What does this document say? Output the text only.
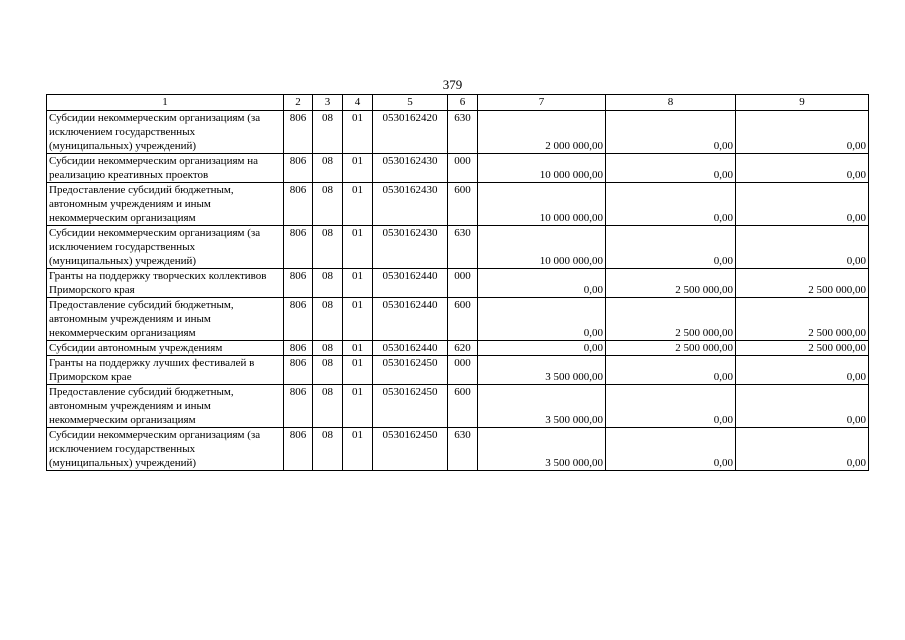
379
1	2	3	4	5	6	7	8	9
Субсидии некоммерческим организациям (за исключением государственных (муниципальных) учреждений)	806	08	01	0530162420	630	2 000 000,00	0,00	0,00
Субсидии некоммерческим организациям на реализацию креативных проектов	806	08	01	0530162430	000	10 000 000,00	0,00	0,00
Предоставление субсидий бюджетным, автономным учреждениям и иным некоммерческим организациям	806	08	01	0530162430	600	10 000 000,00	0,00	0,00
Субсидии некоммерческим организациям (за исключением государственных (муниципальных) учреждений)	806	08	01	0530162430	630	10 000 000,00	0,00	0,00
Гранты на поддержку творческих коллективов Приморского края	806	08	01	0530162440	000	0,00	2 500 000,00	2 500 000,00
Предоставление субсидий бюджетным, автономным учреждениям и иным некоммерческим организациям	806	08	01	0530162440	600	0,00	2 500 000,00	2 500 000,00
Субсидии автономным учреждениям	806	08	01	0530162440	620	0,00	2 500 000,00	2 500 000,00
Гранты на поддержку лучших фестивалей в Приморском крае	806	08	01	0530162450	000	3 500 000,00	0,00	0,00
Предоставление субсидий бюджетным, автономным учреждениям и иным некоммерческим организациям	806	08	01	0530162450	600	3 500 000,00	0,00	0,00
Субсидии некоммерческим организациям (за исключением государственных (муниципальных) учреждений)	806	08	01	0530162450	630	3 500 000,00	0,00	0,00
